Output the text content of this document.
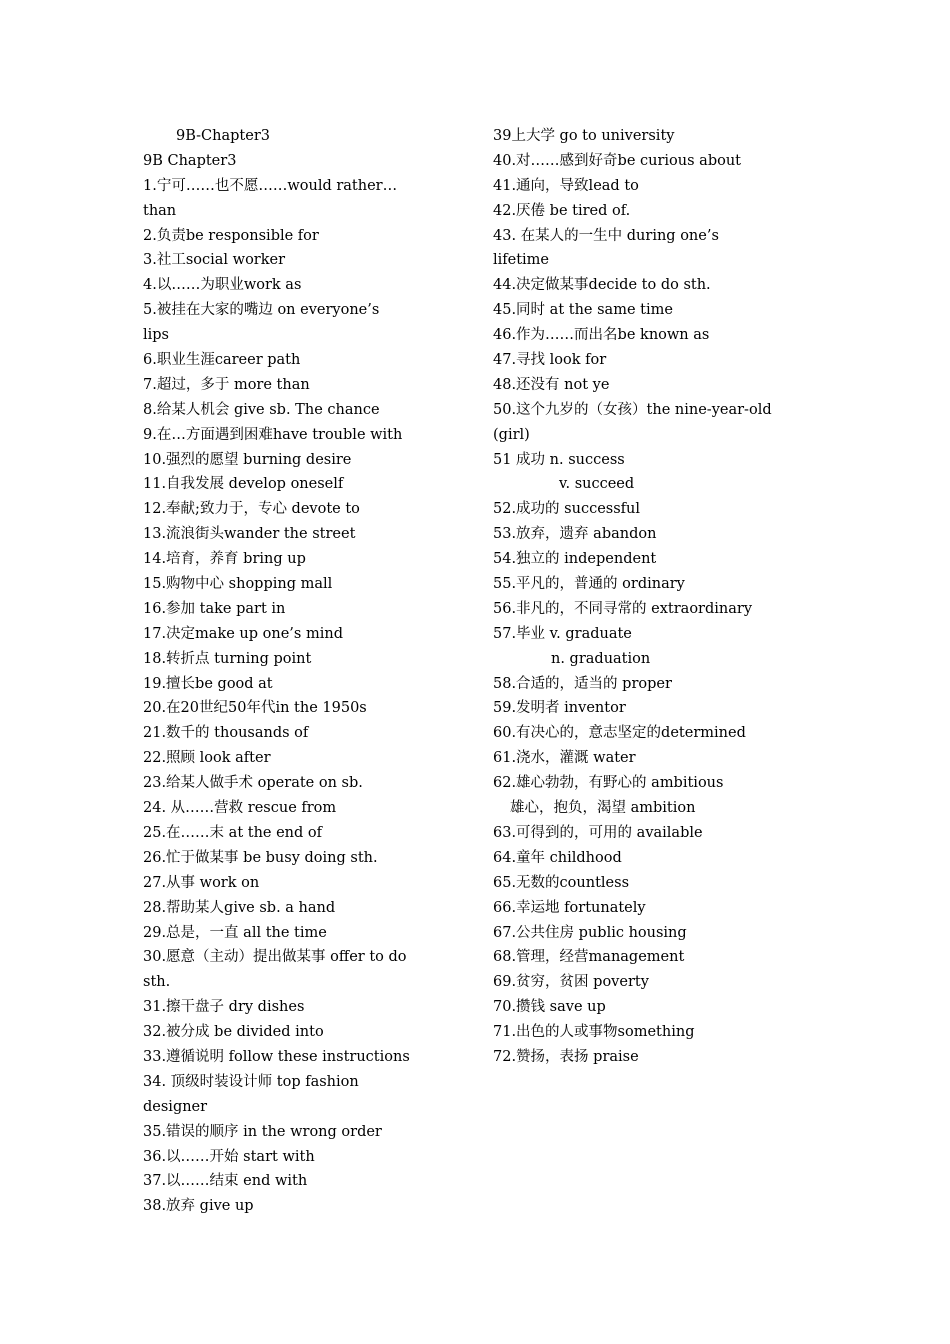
9B-Chapter3
9B Chapter3
1.宁可……也不愿……would rather…
than
2.负责be responsible for
3.社工social worker
4.以……为职业work as
5.被挂在大家的嘴边 on everyone’s
lips
6.职业生涯career path
7.超过，多于 more than
8.给某人机会 give sb. The chance
9.在…方面遇到困难have trouble with
10.强烈的愿望 burning desire
11.自我发展 develop oneself
12.奉献;致力于，专心 devote to
13.流浪街头wander the street
14.培育，养育 bring up
15.购物中心 shopping mall
16.参加 take part in
17.决定make up one’s mind
18.转折点 turning point
19.擅长be good at
20.在20世纪50年代in the 1950s
21.数千的 thousands of
22.照顾 look after
23.给某人做手术 operate on sb.
24. 从……营救 rescue from
25.在……末 at the end of
26.忙于做某事 be busy doing sth.
27.从事 work on
28.帮助某人give sb. a hand
29.总是，一直 all the time
30.愿意（主动）提出做某事 offer to do
sth.
31.擦干盘子 dry dishes
32.被分成 be divided into
33.遵循说明 follow these instructions
34. 顶级时装设计师 top fashion
designer
35.错误的顺序 in the wrong order
36.以……开始 start with
37.以……结束 end with
38.放弃 give up
39上大学 go to university
40.对……感到好奇be curious about
41.通向，导致lead to
42.厌倦 be tired of.
43. 在某人的一生中 during one’s
lifetime
44.决定做某事decide to do sth.
45.同时 at the same time
46.作为……而出名be known as
47.寻找 look for
48.还没有 not ye
50.这个九岁的（女孩）the nine-year-old
(girl)
51 成功 n. success
v. succeed
52.成功的 successful
53.放弃，遗弃 abandon
54.独立的 independent
55.平凡的，普通的 ordinary
56.非凡的，不同寻常的 extraordinary
57.毕业 v. graduate
n. graduation
58.合适的，适当的 proper
59.发明者 inventor
60.有决心的，意志坚定的determined
61.浇水，灌溉 water
62.雄心勃勃，有野心的 ambitious
雄心，抱负，渴望 ambition
63.可得到的，可用的 available
64.童年 childhood
65.无数的countless
66.幸运地 fortunately
67.公共住房 public housing
68.管理，经营management
69.贫穷，贫困 poverty
70.攒钱 save up
71.出色的人或事物something
72.赞扬，表扬 praise
